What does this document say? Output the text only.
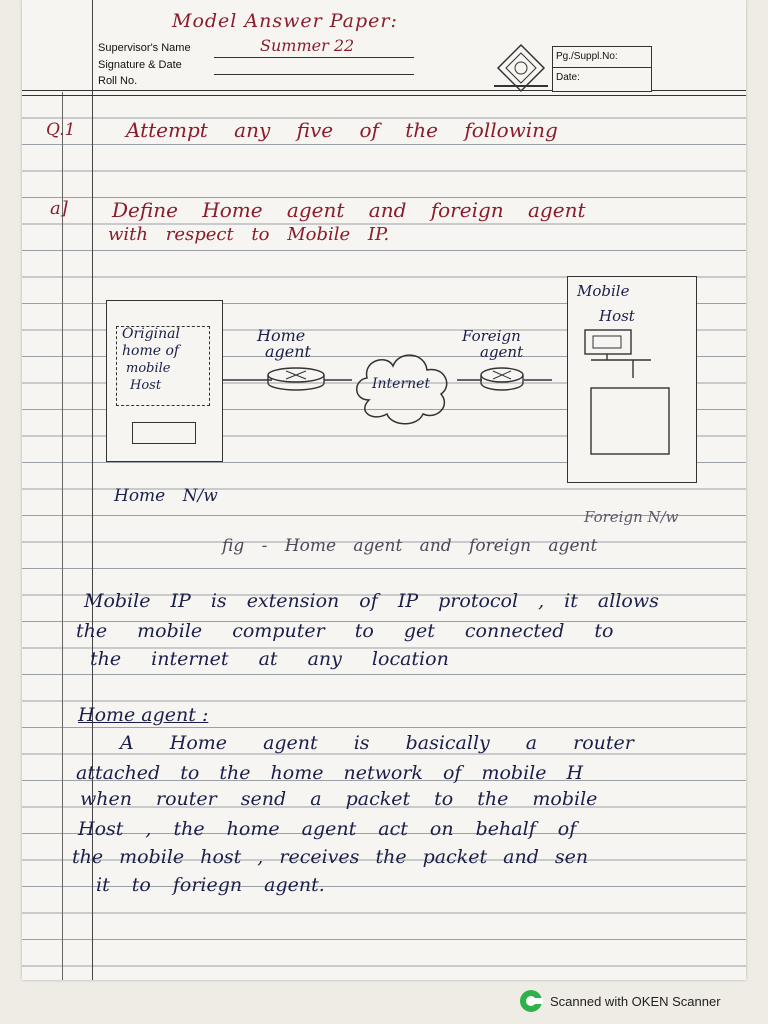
Model Answer Paper:
Supervisor's Name	Summer 22
Signature & Date
Roll No.
Pg./Suppl.No:
Date:
Q.1	Attempt any five of the following
a] Define Home agent and foreign agent
with respect to Mobile IP.
Original
home of
mobile
Host
Home
agent
Internet
Foreign
agent
Mobile
Host
Home N/w
Foreign N/w
fig - Home agent and foreign agent
Mobile IP is extension of IP protocol , it allows
the mobile computer to get connected to
the internet at any location
Home agent :
A Home agent is basically a router
attached to the home network of mobile H
when router send a packet to the mobile
Host , the home agent act on behalf of
the mobile host , receives the packet and sen
it to foriegn agent.
Scanned with OKEN Scanner
